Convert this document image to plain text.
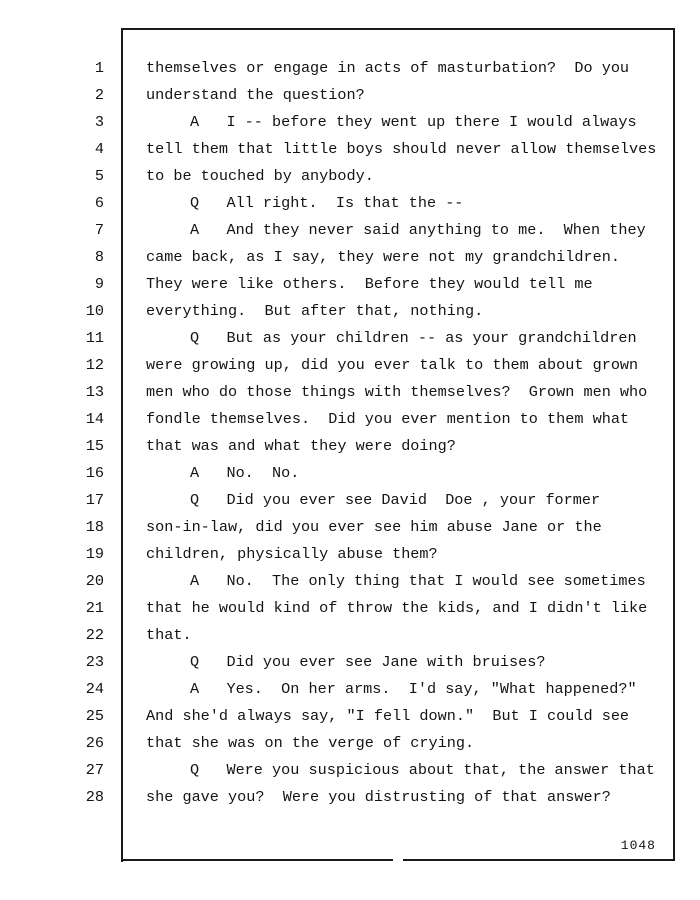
1	themselves or engage in acts of masturbation?  Do you
2	understand the question?
3	A   I -- before they went up there I would always
4	tell them that little boys should never allow themselves
5	to be touched by anybody.
6	Q   All right.  Is that the --
7	A   And they never said anything to me.  When they
8	came back, as I say, they were not my grandchildren.
9	They were like others.  Before they would tell me
10	everything.  But after that, nothing.
11	Q   But as your children -- as your grandchildren
12	were growing up, did you ever talk to them about grown
13	men who do those things with themselves?  Grown men who
14	fondle themselves.  Did you ever mention to them what
15	that was and what they were doing?
16	A   No.  No.
17	Q   Did you ever see David  Doe , your former
18	son-in-law, did you ever see him abuse Jane or the
19	children, physically abuse them?
20	A   No.  The only thing that I would see sometimes
21	that he would kind of throw the kids, and I didn't like
22	that.
23	Q   Did you ever see Jane with bruises?
24	A   Yes.  On her arms.  I'd say, "What happened?"
25	And she'd always say, "I fell down."  But I could see
26	that she was on the verge of crying.
27	Q   Were you suspicious about that, the answer that
28	she gave you?  Were you distrusting of that answer?
1048
